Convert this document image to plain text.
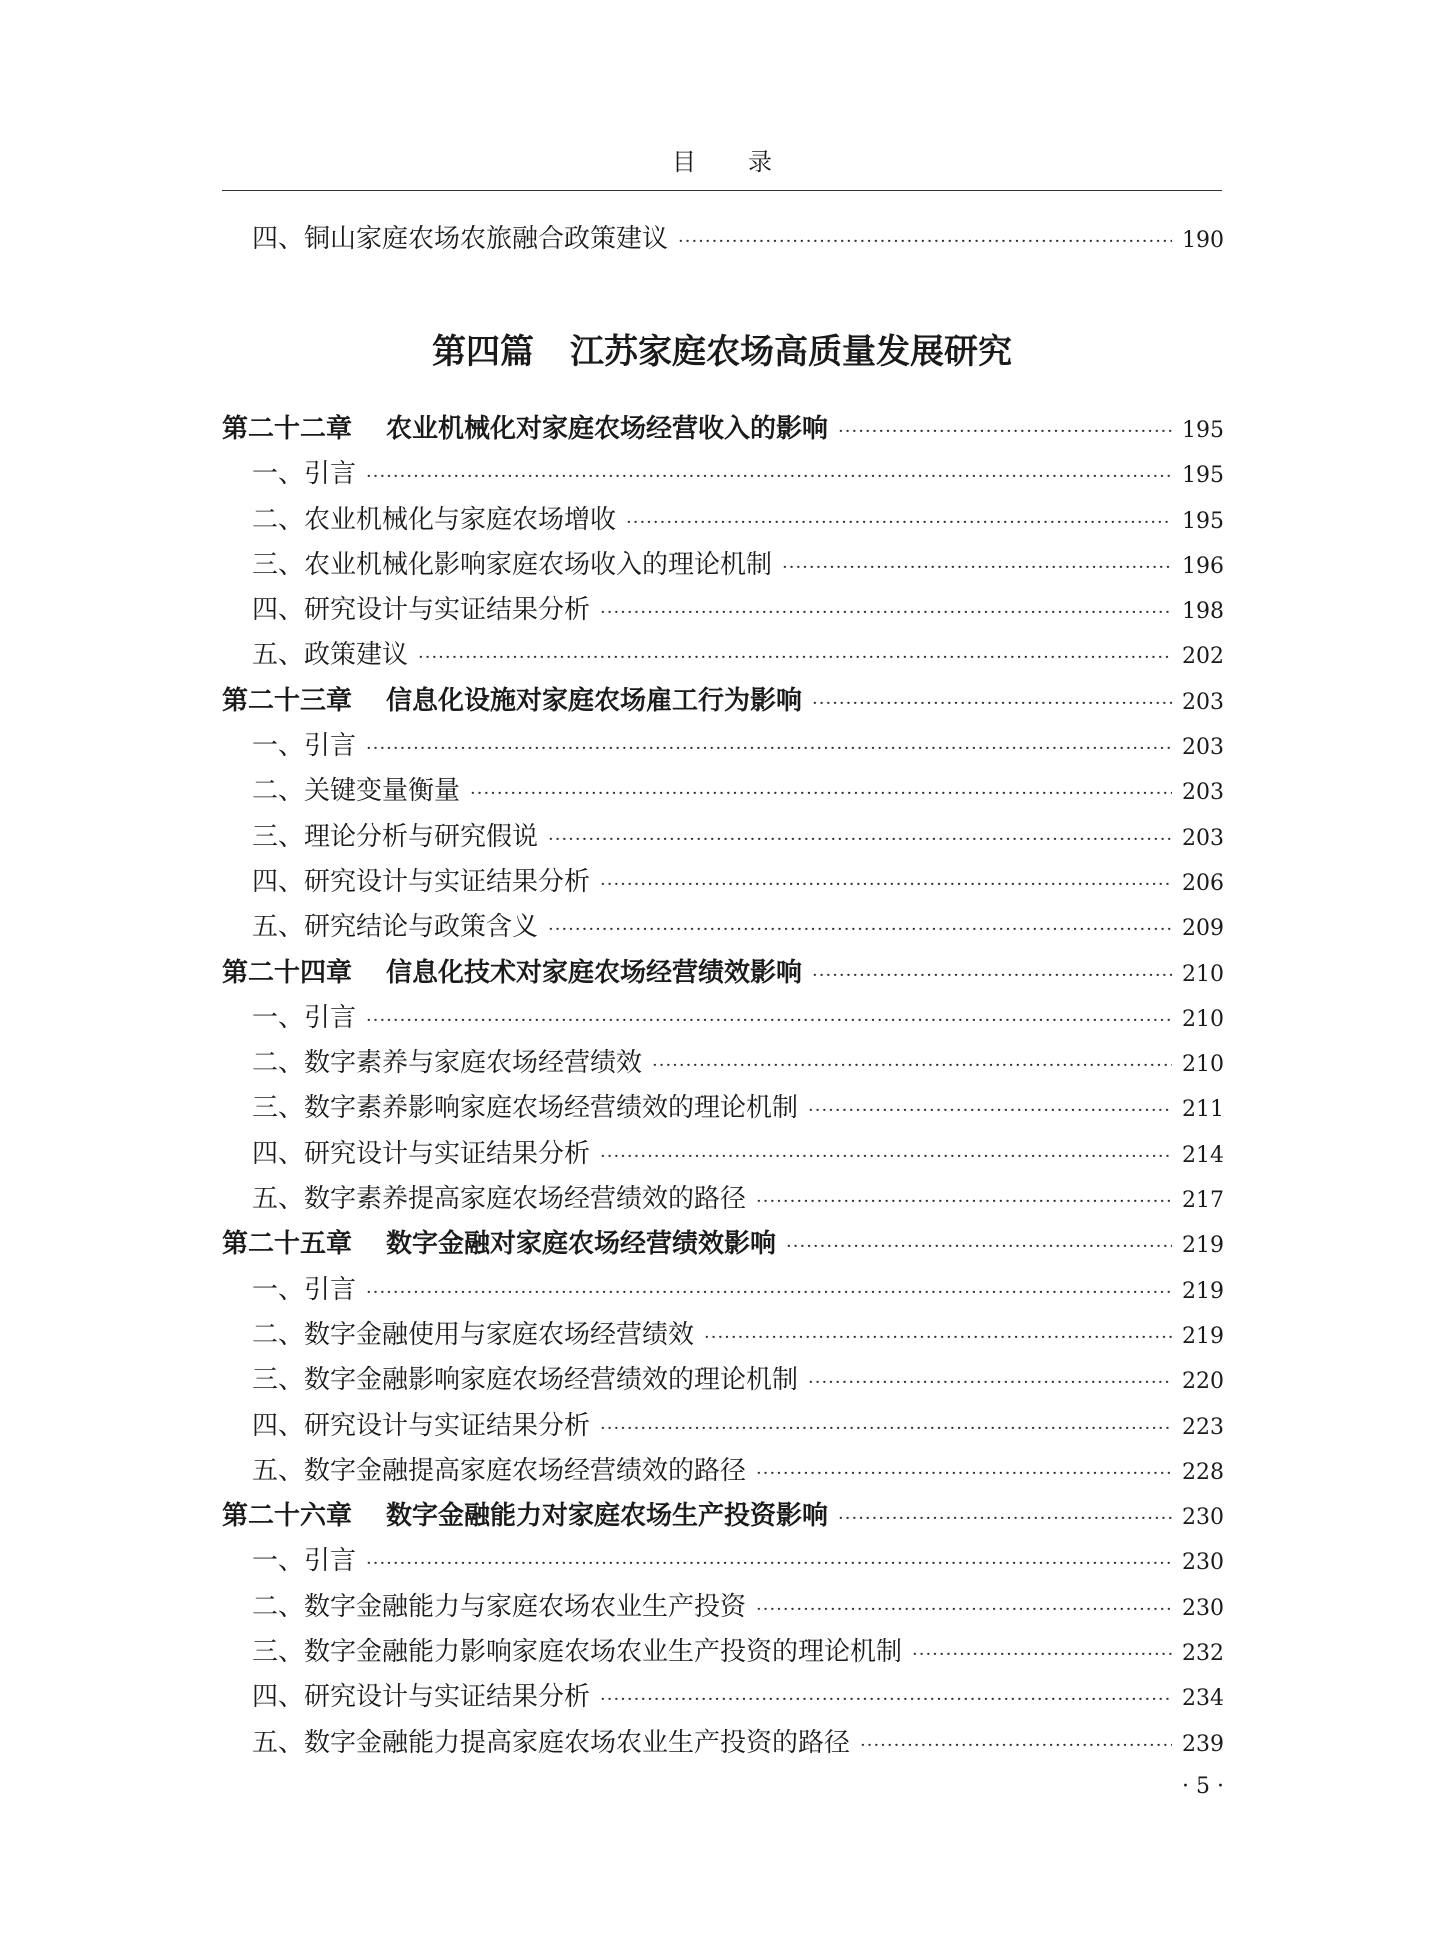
目 录
四、铜山家庭农场农旅融合政策建议 ·····	190
第四篇 江苏家庭农场高质量发展研究
第二十二章 农业机械化对家庭农场经营收入的影响 ·····	195
一、引言 ·····	195
二、农业机械化与家庭农场增收 ·····	195
三、农业机械化影响家庭农场收入的理论机制 ·····	196
四、研究设计与实证结果分析 ·····	198
五、政策建议 ·····	202
第二十三章 信息化设施对家庭农场雇工行为影响 ·····	203
一、引言 ·····	203
二、关键变量衡量 ·····	203
三、理论分析与研究假说 ·····	203
四、研究设计与实证结果分析 ·····	206
五、研究结论与政策含义 ·····	209
第二十四章 信息化技术对家庭农场经营绩效影响 ·····	210
一、引言 ·····	210
二、数字素养与家庭农场经营绩效 ·····	210
三、数字素养影响家庭农场经营绩效的理论机制 ·····	211
四、研究设计与实证结果分析 ·····	214
五、数字素养提高家庭农场经营绩效的路径 ·····	217
第二十五章 数字金融对家庭农场经营绩效影响 ·····	219
一、引言 ·····	219
二、数字金融使用与家庭农场经营绩效 ·····	219
三、数字金融影响家庭农场经营绩效的理论机制 ·····	220
四、研究设计与实证结果分析 ·····	223
五、数字金融提高家庭农场经营绩效的路径 ·····	228
第二十六章 数字金融能力对家庭农场生产投资影响 ·····	230
一、引言 ·····	230
二、数字金融能力与家庭农场农业生产投资 ·····	230
三、数字金融能力影响家庭农场农业生产投资的理论机制 ·····	232
四、研究设计与实证结果分析 ·····	234
五、数字金融能力提高家庭农场农业生产投资的路径 ·····	239
· 5 ·
